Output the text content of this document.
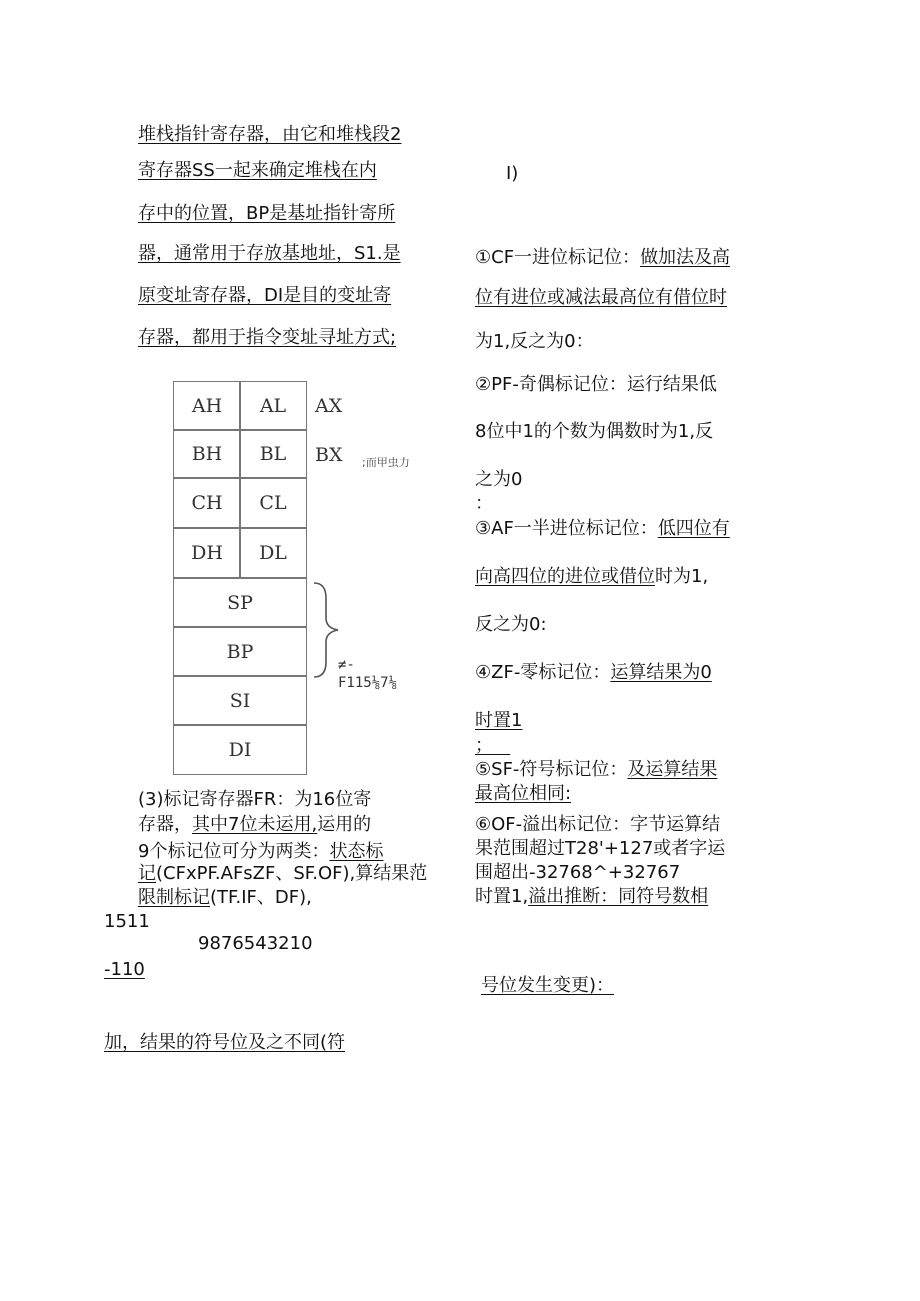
堆栈指针寄存器，由它和堆栈段2
寄存器SS一起来确定堆栈在内
存中的位置，BP是基址指针寄所
器，通常用于存放基地址，S1.是
原变址寄存器，DI是目的变址寄
存器，都用于指令变址寻址方式;
AH	AL	AX
BH	BL	BX ;而甲虫力
CH	CL
DH	DL
SP
BP
SI
DI
≠-
F115⅛7⅛
(3)标记寄存器FR：为16位寄
存器，其中7位未运用,运用的
9个标记位可分为两类：状态标
记(CFxPF.AFsZF、SF.OF),算结果范
限制标记(TF.IF、DF),
1511
9876543210
-110
加，结果的符号位及之不同(符
I)
①CF一进位标记位：做加法及高
位有进位或减法最高位有借位时
为1,反之为0：
②PF-奇偶标记位：运行结果低
8位中1的个数为偶数时为1,反
之为0
：
③AF一半进位标记位：低四位有
向高四位的进位或借位时为1,
反之为0:
④ZF-零标记位：运算结果为0
时置1
；
⑤SF-符号标记位：及运算结果
最高位相同:
⑥OF-溢出标记位：字节运算结
果范围超过T28'+127或者字运
围超出-32768^+32767
时置1,溢出推断：同符号数相
号位发生变更)：
